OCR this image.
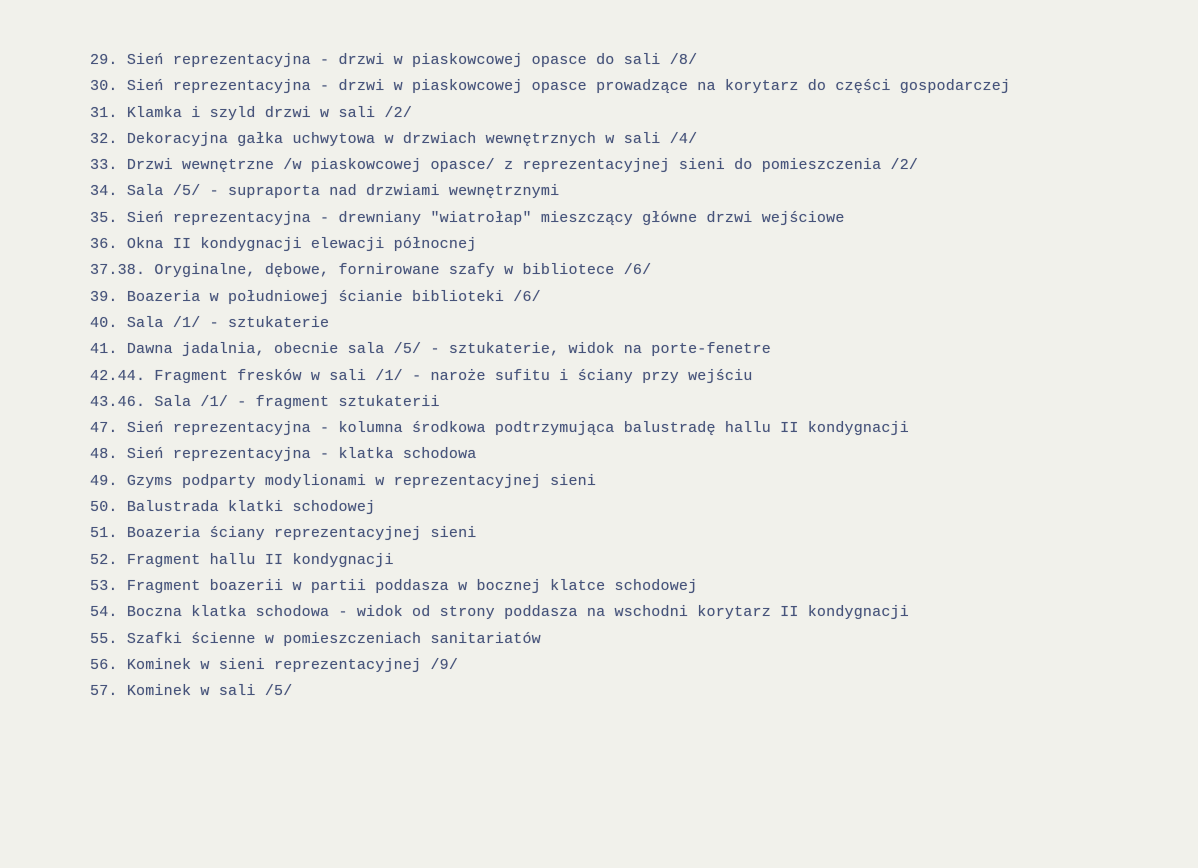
29. Sień reprezentacyjna - drzwi w piaskowcowej opasce do sali /8/
30. Sień reprezentacyjna - drzwi w piaskowcowej opasce prowadzące na korytarz do części gospodarczej
31. Klamka i szyld drzwi w sali /2/
32. Dekoracyjna gałka uchwytowa w drzwiach wewnętrznych w sali /4/
33. Drzwi wewnętrzne /w piaskowcowej opasce/ z reprezentacyjnej sieni do pomieszczenia /2/
34. Sala /5/ - supraporta nad drzwiami wewnętrznymi
35. Sień reprezentacyjna - drewniany "wiatrołap" mieszczący główne drzwi wejściowe
36. Okna II kondygnacji elewacji północnej
37.38. Oryginalne, dębowe, fornirowane szafy w bibliotece /6/
39. Boazeria w południowej ścianie biblioteki /6/
40. Sala /1/ - sztukaterie
41. Dawna jadalnia, obecnie sala /5/ - sztukaterie, widok na porte-fenetre
42.44. Fragment fresków w sali /1/ - naroże sufitu i ściany przy wejściu
43.46. Sala /1/ - fragment sztukaterii
47. Sień reprezentacyjna - kolumna środkowa podtrzymująca balustradę hallu II kondygnacji
48. Sień reprezentacyjna - klatka schodowa
49. Gzyms podparty modylionami w reprezentacyjnej sieni
50. Balustrada klatki schodowej
51. Boazeria ściany reprezentacyjnej sieni
52. Fragment hallu II kondygnacji
53. Fragment boazerii w partii poddasza w bocznej klatce schodowej
54. Boczna klatka schodowa - widok od strony poddasza na wschodni korytarz II kondygnacji
55. Szafki ścienne w pomieszczeniach sanitariatów
56. Kominek w sieni reprezentacyjnej /9/
57. Kominek w sali /5/
